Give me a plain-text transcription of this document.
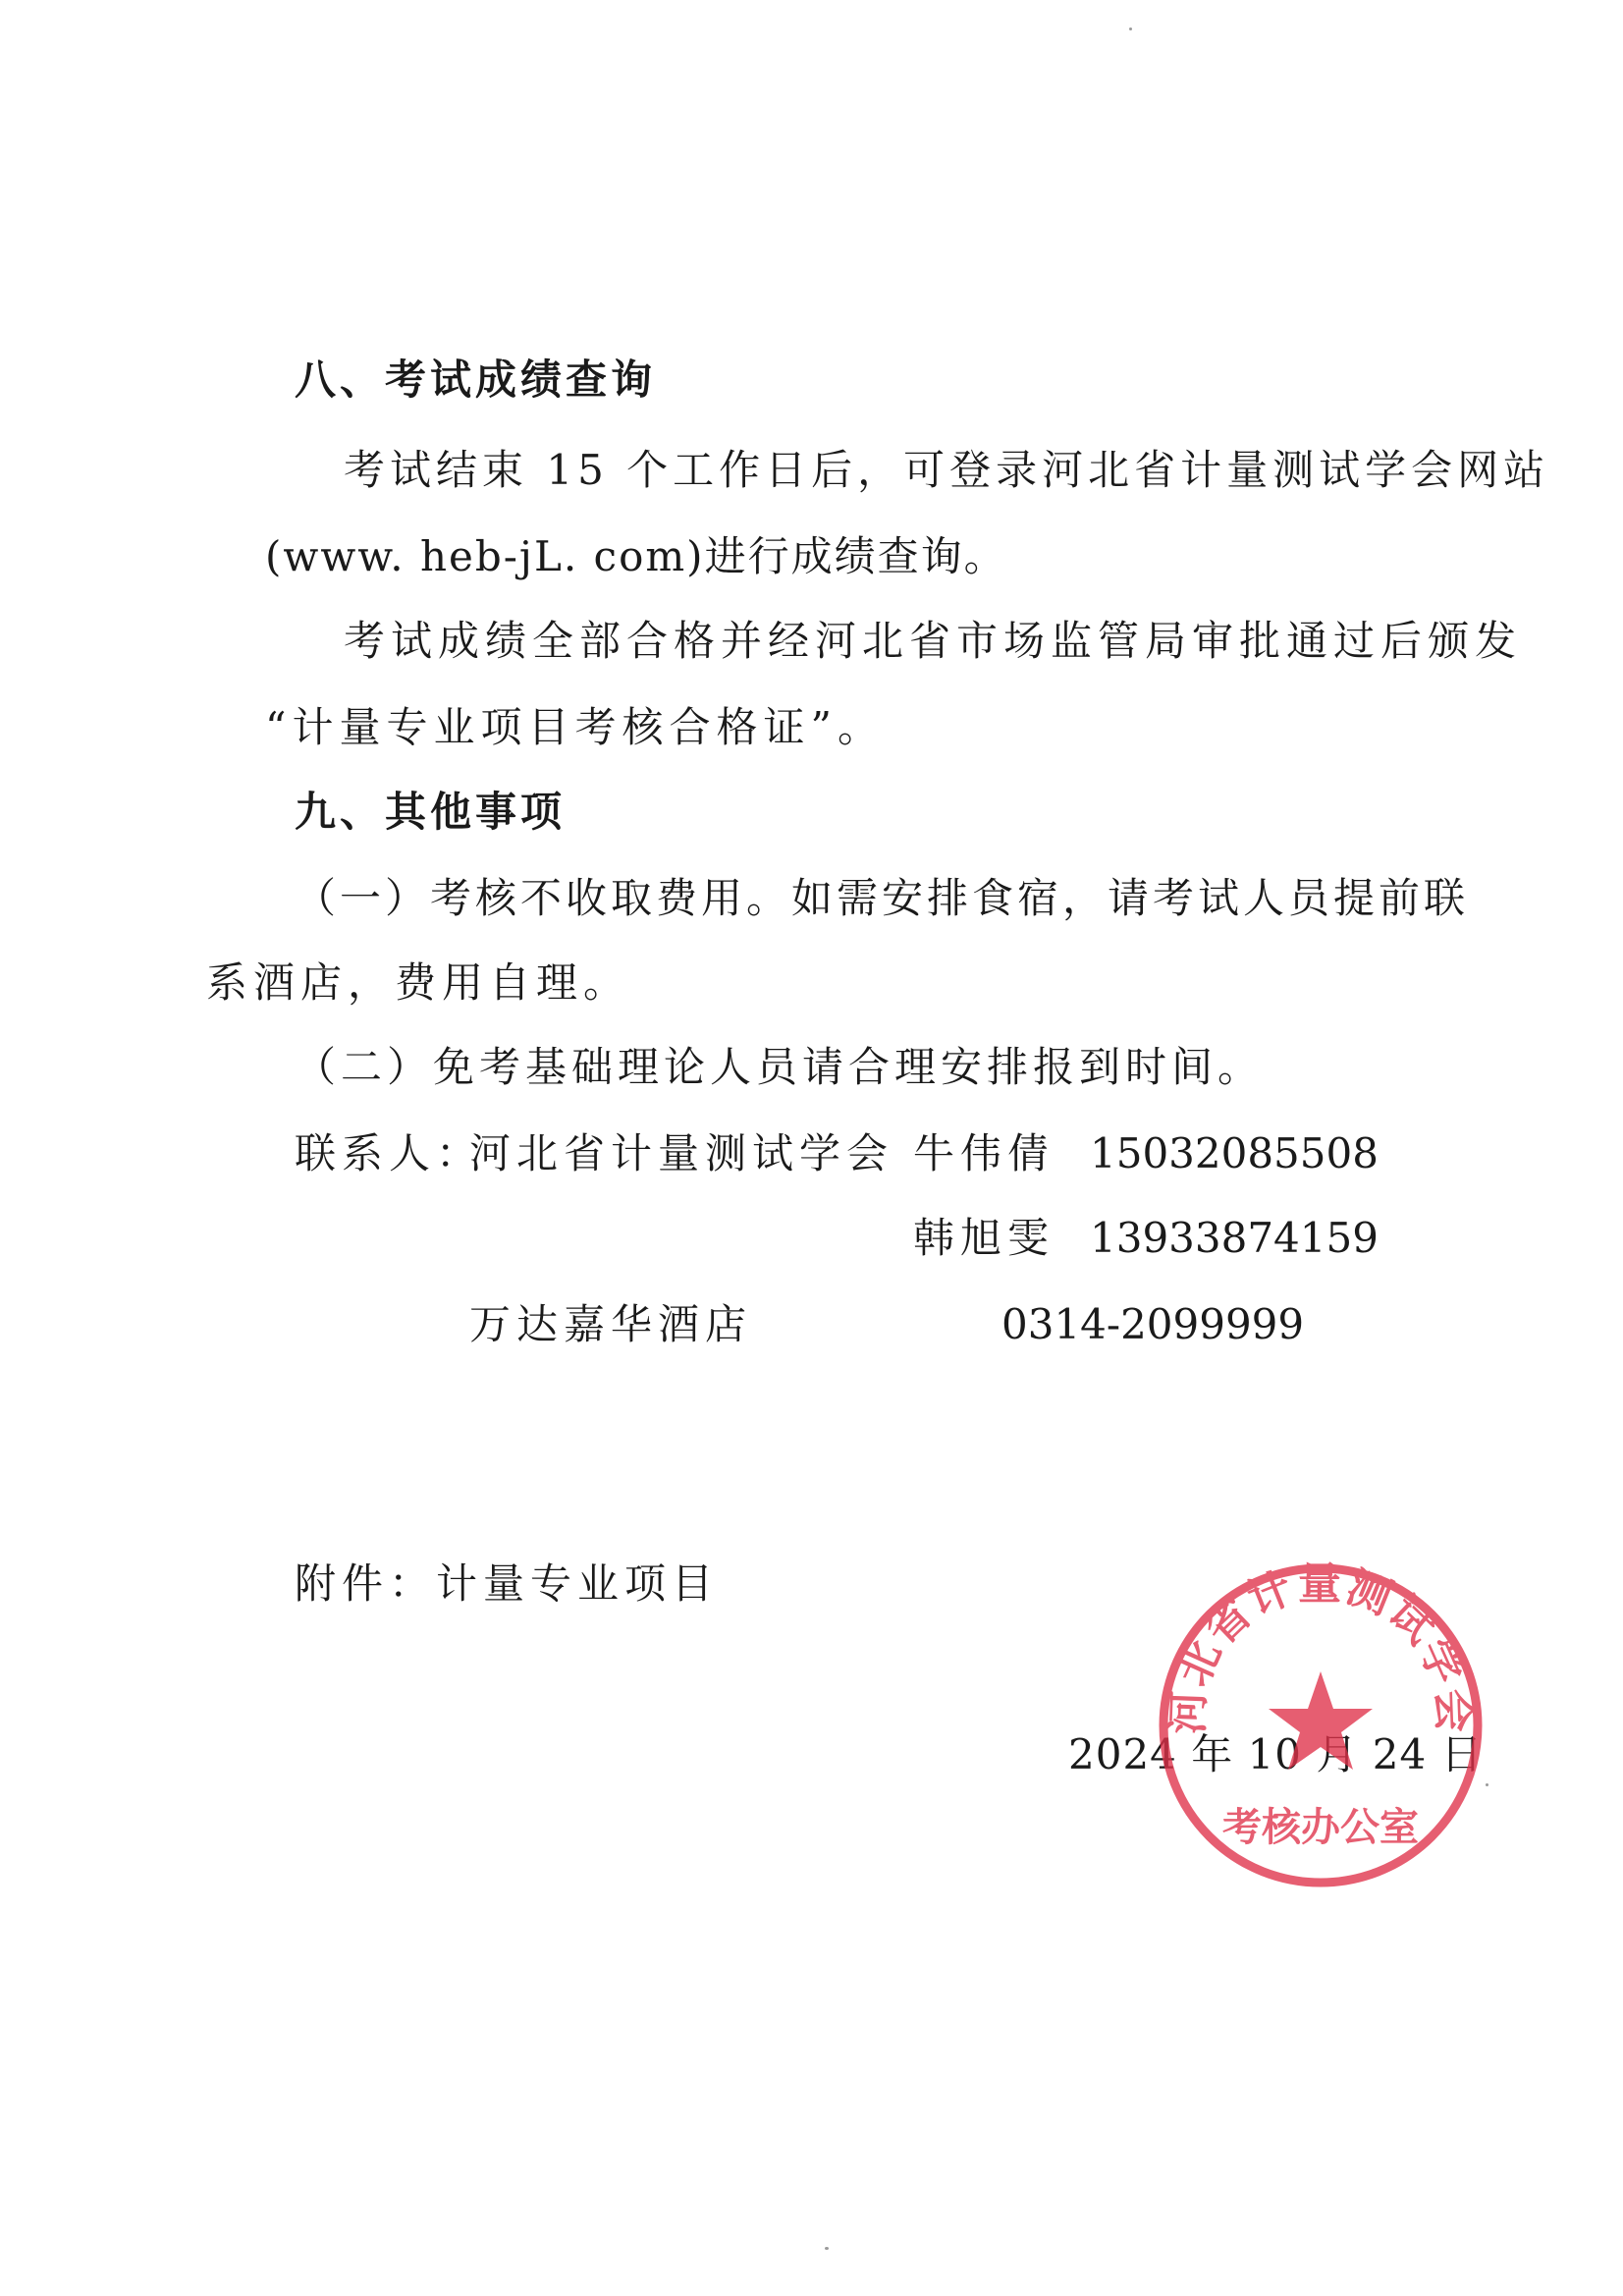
八、考试成绩查询
考试结束 15 个工作日后，可登录河北省计量测试学会网站
(www. heb-jL. com)进行成绩查询。
考试成绩全部合格并经河北省市场监管局审批通过后颁发
“计量专业项目考核合格证”。
九、其他事项
（一）考核不收取费用。如需安排食宿，请考试人员提前联
系酒店，费用自理。
（二）免考基础理论人员请合理安排报到时间。
联系人：
河北省计量测试学会 牛伟倩 15032085508
韩旭雯 13933874159
万达嘉华酒店	0314-2099999
附件：计量专业项目
2024 年 10 月 24 日
河北省计量测试学会
考核办公室
